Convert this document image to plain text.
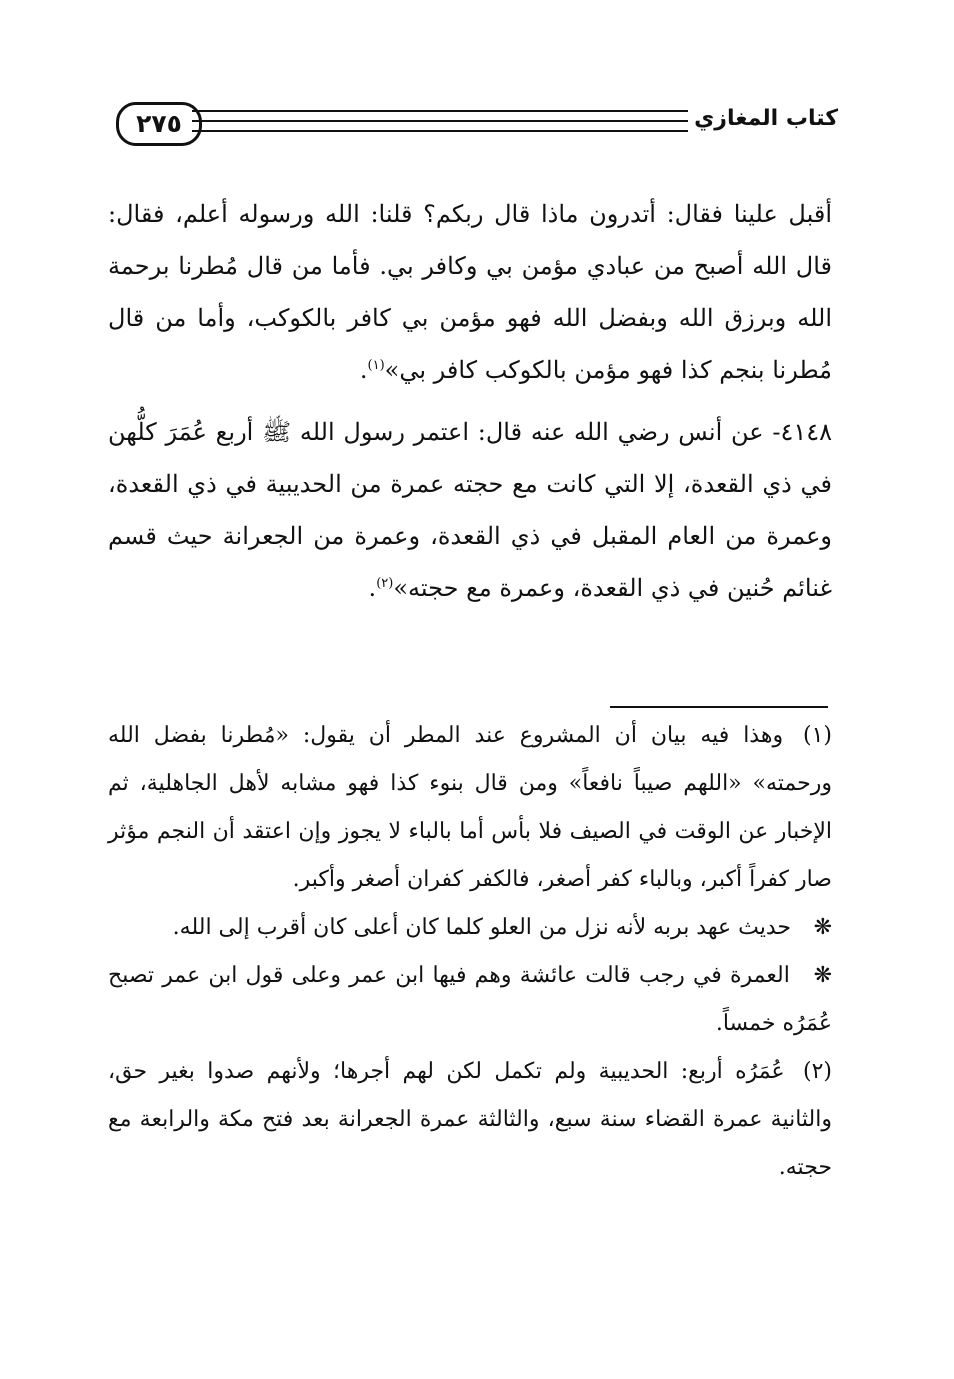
٢٧٥	كتاب المغازي

أقبل علينا فقال: أتدرون ماذا قال ربكم؟ قلنا: الله ورسوله أعلم، فقال: قال الله أصبح من عبادي مؤمن بي وكافر بي. فأما من قال مُطرنا برحمة الله وبرزق الله وبفضل الله فهو مؤمن بي كافر بالكوكب، وأما من قال مُطرنا بنجم كذا فهو مؤمن بالكوكب كافر بي»$^{(١)}$.

٤١٤٨- عن أنس رضي الله عنه قال: اعتمر رسول الله ﷺ أربع عُمَرَ كلُّهن في ذي القعدة، إلا التي كانت مع حجته عمرة من الحديبية في ذي القعدة، وعمرة من العام المقبل في ذي القعدة، وعمرة من الجعرانة حيث قسم غنائم حُنين في ذي القعدة، وعمرة مع حجته»$^{(٢)}$.

(١) وهذا فيه بيان أن المشروع عند المطر أن يقول: «مُطرنا بفضل الله ورحمته» «اللهم صيباً نافعاً» ومن قال بنوء كذا فهو مشابه لأهل الجاهلية، ثم الإخبار عن الوقت في الصيف فلا بأس أما بالباء لا يجوز وإن اعتقد أن النجم مؤثر صار كفراً أكبر، وبالباء كفر أصغر، فالكفر كفران أصغر وأكبر.

❋ حديث عهد بربه لأنه نزل من العلو كلما كان أعلى كان أقرب إلى الله.

❋ العمرة في رجب قالت عائشة وهم فيها ابن عمر وعلى قول ابن عمر تصبح عُمَرُه خمساً.

(٢) عُمَرُه أربع: الحديبية ولم تكمل لكن لهم أجرها؛ ولأنهم صدوا بغير حق، والثانية عمرة القضاء سنة سبع، والثالثة عمرة الجعرانة بعد فتح مكة والرابعة مع حجته.
